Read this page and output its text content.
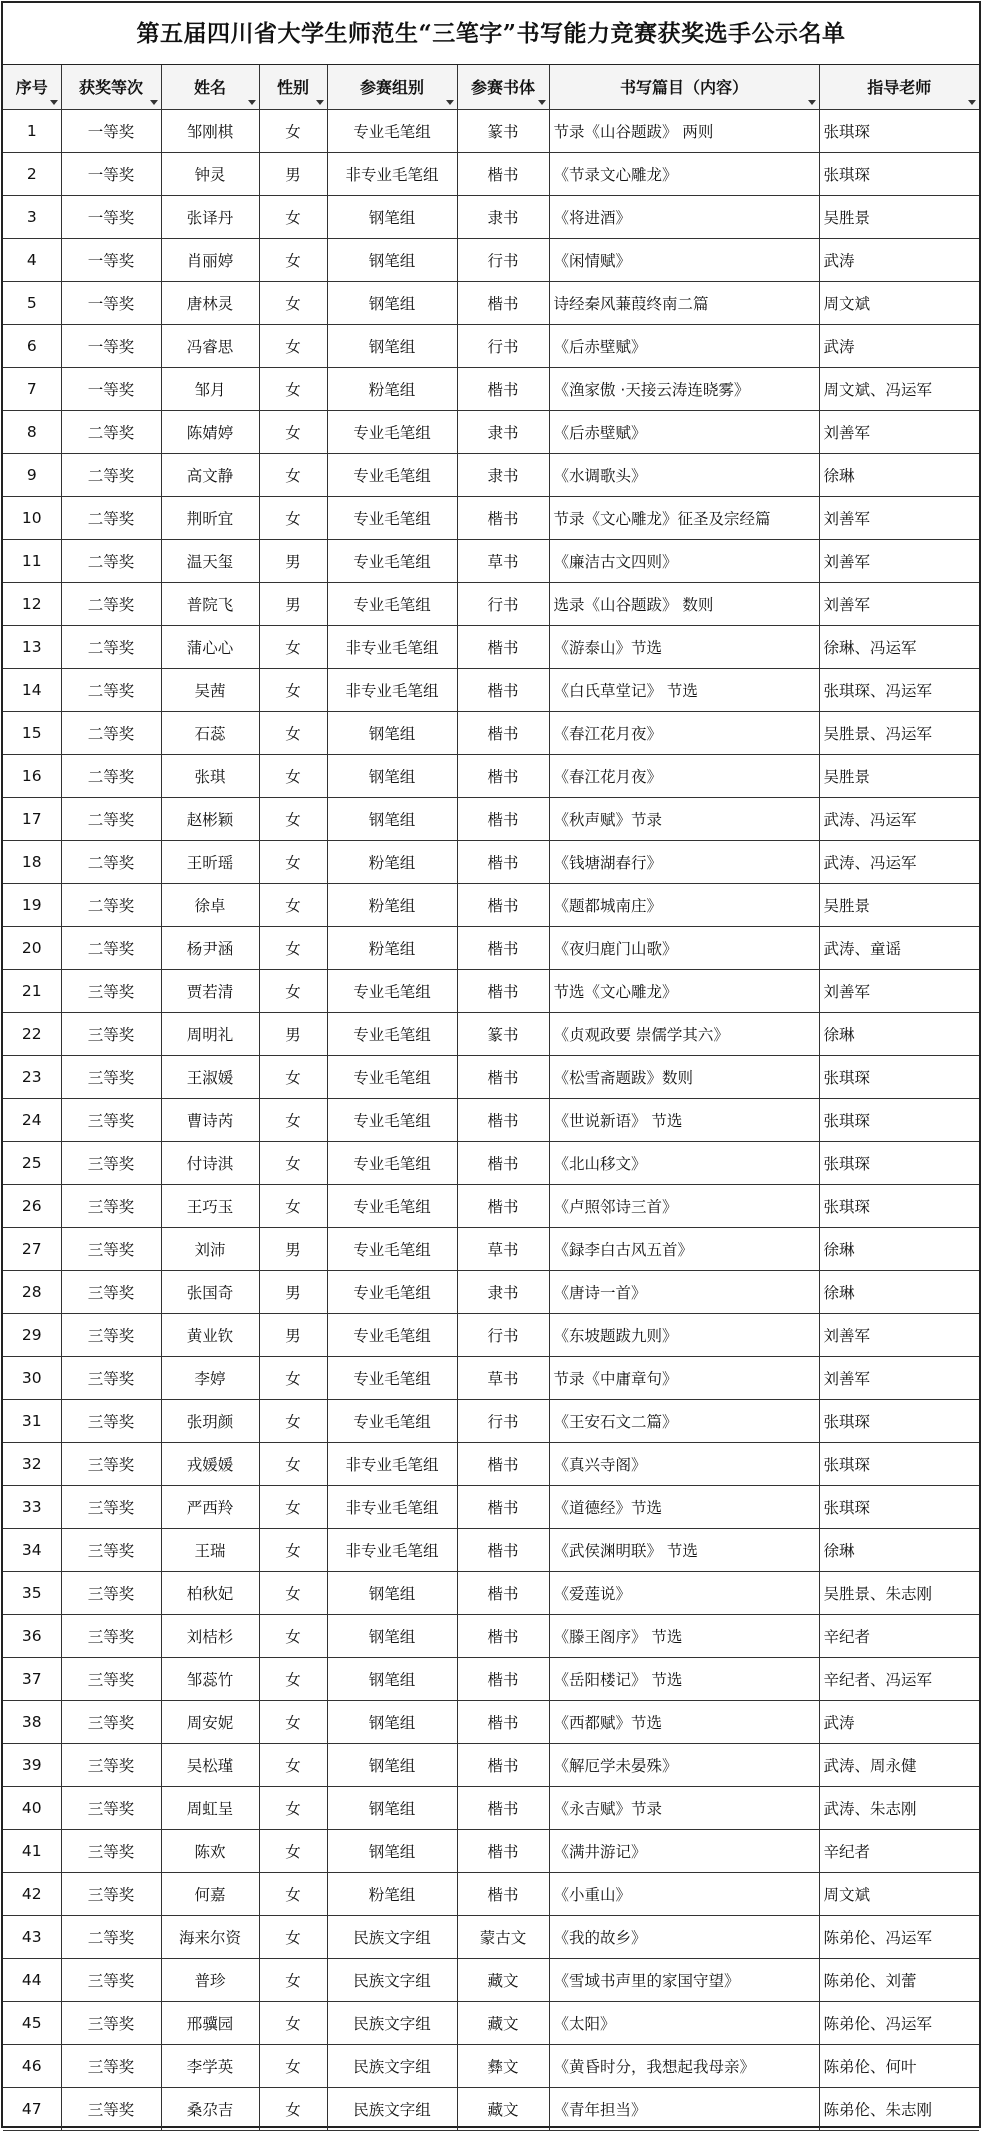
第五届四川省大学生师范生“三笔字”书写能力竞赛获奖选手公示名单
序号	获奖等次	姓名	性别	参赛组别	参赛书体	书写篇目（内容）	指导老师

1	一等奖	邹刚棋	女	专业毛笔组	篆书	节录《山谷题跋》 两则	张琪琛
2	一等奖	钟灵	男	非专业毛笔组	楷书	《节录文心雕龙》	张琪琛
3	一等奖	张译丹	女	钢笔组	隶书	《将进酒》	吴胜景
4	一等奖	肖丽婷	女	钢笔组	行书	《闲情赋》	武涛
5	一等奖	唐林灵	女	钢笔组	楷书	诗经秦风蒹葭终南二篇	周文斌
6	一等奖	冯睿思	女	钢笔组	行书	《后赤壁赋》	武涛
7	一等奖	邹月	女	粉笔组	楷书	《渔家傲 ·天接云涛连晓雾》	周文斌、冯运军
8	二等奖	陈婧婷	女	专业毛笔组	隶书	《后赤壁赋》	刘善军
9	二等奖	高文静	女	专业毛笔组	隶书	《水调歌头》	徐琳
10	二等奖	荆昕宜	女	专业毛笔组	楷书	节录《文心雕龙》征圣及宗经篇	刘善军
11	二等奖	温天玺	男	专业毛笔组	草书	《廉洁古文四则》	刘善军
12	二等奖	普院飞	男	专业毛笔组	行书	选录《山谷题跋》 数则	刘善军
13	二等奖	蒲心心	女	非专业毛笔组	楷书	《游泰山》节选	徐琳、冯运军
14	二等奖	吴茜	女	非专业毛笔组	楷书	《白氏草堂记》 节选	张琪琛、冯运军
15	二等奖	石蕊	女	钢笔组	楷书	《春江花月夜》	吴胜景、冯运军
16	二等奖	张琪	女	钢笔组	楷书	《春江花月夜》	吴胜景
17	二等奖	赵彬颖	女	钢笔组	楷书	《秋声赋》节录	武涛、冯运军
18	二等奖	王昕瑶	女	粉笔组	楷书	《钱塘湖春行》	武涛、冯运军
19	二等奖	徐卓	女	粉笔组	楷书	《题都城南庄》	吴胜景
20	二等奖	杨尹涵	女	粉笔组	楷书	《夜归鹿门山歌》	武涛、童谣
21	三等奖	贾若清	女	专业毛笔组	楷书	节选《文心雕龙》	刘善军
22	三等奖	周明礼	男	专业毛笔组	篆书	《贞观政要 崇儒学其六》	徐琳
23	三等奖	王淑媛	女	专业毛笔组	楷书	《松雪斋题跋》数则	张琪琛
24	三等奖	曹诗芮	女	专业毛笔组	楷书	《世说新语》 节选	张琪琛
25	三等奖	付诗淇	女	专业毛笔组	楷书	《北山移文》	张琪琛
26	三等奖	王巧玉	女	专业毛笔组	楷书	《卢照邻诗三首》	张琪琛
27	三等奖	刘沛	男	专业毛笔组	草书	《録李白古风五首》	徐琳
28	三等奖	张国奇	男	专业毛笔组	隶书	《唐诗一首》	徐琳
29	三等奖	黄业钦	男	专业毛笔组	行书	《东坡题跋九则》	刘善军
30	三等奖	李婷	女	专业毛笔组	草书	节录《中庸章句》	刘善军
31	三等奖	张玥颜	女	专业毛笔组	行书	《王安石文二篇》	张琪琛
32	三等奖	戎媛媛	女	非专业毛笔组	楷书	《真兴寺阁》	张琪琛
33	三等奖	严西羚	女	非专业毛笔组	楷书	《道德经》节选	张琪琛
34	三等奖	王瑞	女	非专业毛笔组	楷书	《武侯渊明联》 节选	徐琳
35	三等奖	柏秋妃	女	钢笔组	楷书	《爱莲说》	吴胜景、朱志刚
36	三等奖	刘桔杉	女	钢笔组	楷书	《滕王阁序》 节选	辛纪者
37	三等奖	邹蕊竹	女	钢笔组	楷书	《岳阳楼记》 节选	辛纪者、冯运军
38	三等奖	周安妮	女	钢笔组	楷书	《西都赋》节选	武涛
39	三等奖	吴松瑾	女	钢笔组	楷书	《解厄学未晏殊》	武涛、周永健
40	三等奖	周虹呈	女	钢笔组	楷书	《永吉赋》节录	武涛、朱志刚
41	三等奖	陈欢	女	钢笔组	楷书	《满井游记》	辛纪者
42	三等奖	何嘉	女	粉笔组	楷书	《小重山》	周文斌
43	二等奖	海来尔资	女	民族文字组	蒙古文	《我的故乡》	陈弟伦、冯运军
44	三等奖	普珍	女	民族文字组	藏文	《雪域书声里的家国守望》	陈弟伦、刘蕾
45	三等奖	邢骥园	女	民族文字组	藏文	《太阳》	陈弟伦、冯运军
46	三等奖	李学英	女	民族文字组	彝文	《黄昏时分，我想起我母亲》	陈弟伦、何叶
47	三等奖	桑尕吉	女	民族文字组	藏文	《青年担当》	陈弟伦、朱志刚
